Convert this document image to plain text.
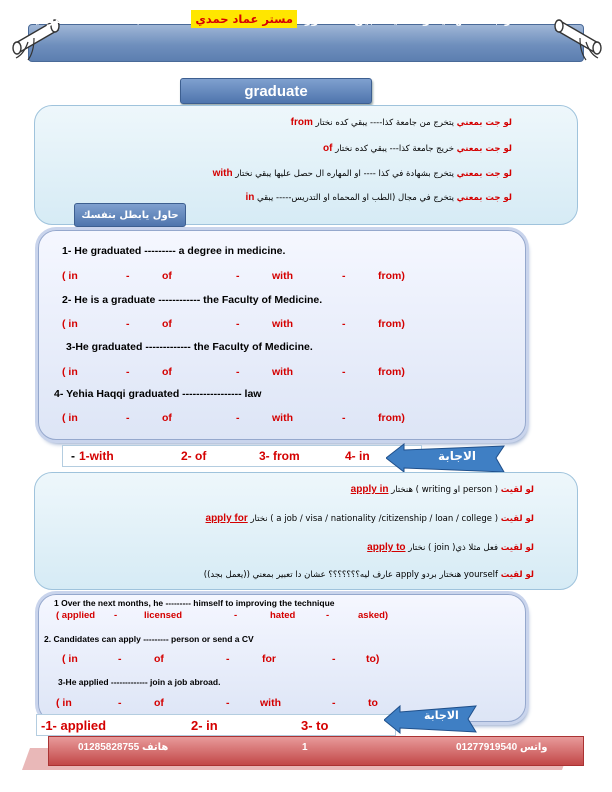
المراجعة النهائية و الفنيات بين السطور
مستر عماد حمدي
الخطاطبة السادات المنوفية
graduate
لو جت بمعني يتخرج من جامعة كذا---- يبقي كده نختار from
لو جت بمعني خريج جامعة كذا--- يبقي كده نختار of
لو جت بمعني يتخرج بشهادة في كذا ---- او المهاره ال حصل عليها يبقي نختار with
لو جت بمعني يتخرج في مجال (الطب او المحماه او التدريس----- يبقي in
حاول يابطل بنفسك
1- He graduated --------- a degree in medicine.
( in	-	of	-	with	-	from)
2- He is a graduate ------------ the Faculty of Medicine.
( in	-	of	-	with	-	from)
3-He graduated ------------- the Faculty of Medicine.
( in	-	of	-	with	-	from)
4- Yehia Haqqi graduated ----------------- law
( in	-	of	-	with	-	from)
- 1-with	2- of	3- from	4- in	الاجابة
لو لقيت ( person او writing ) هنختار apply in
لو لقيت ( a job / visa / nationality /citizenship / loan / college ) نختار apply for
لو لقيت فعل مثلا ذي( join ) نختار apply to
لو لقيت yourself هنختار بردو apply عارف ليه؟؟؟؟؟؟؟ عشان دا تعبير بمعني ((يعمل بجد))
1 Over the next months, he --------- himself to improving the technique
( applied	-	licensed	-	hated	-	asked)
2. Candidates can apply --------- person or send a CV
( in	-	of	-	for	-	to)
3-He applied ------------- join a job abroad.
( in	-	of	-	with	-	to
-1- applied	2- in	3- to
الاجابة
هاتف 01285828755	1	واتس 01277919540
